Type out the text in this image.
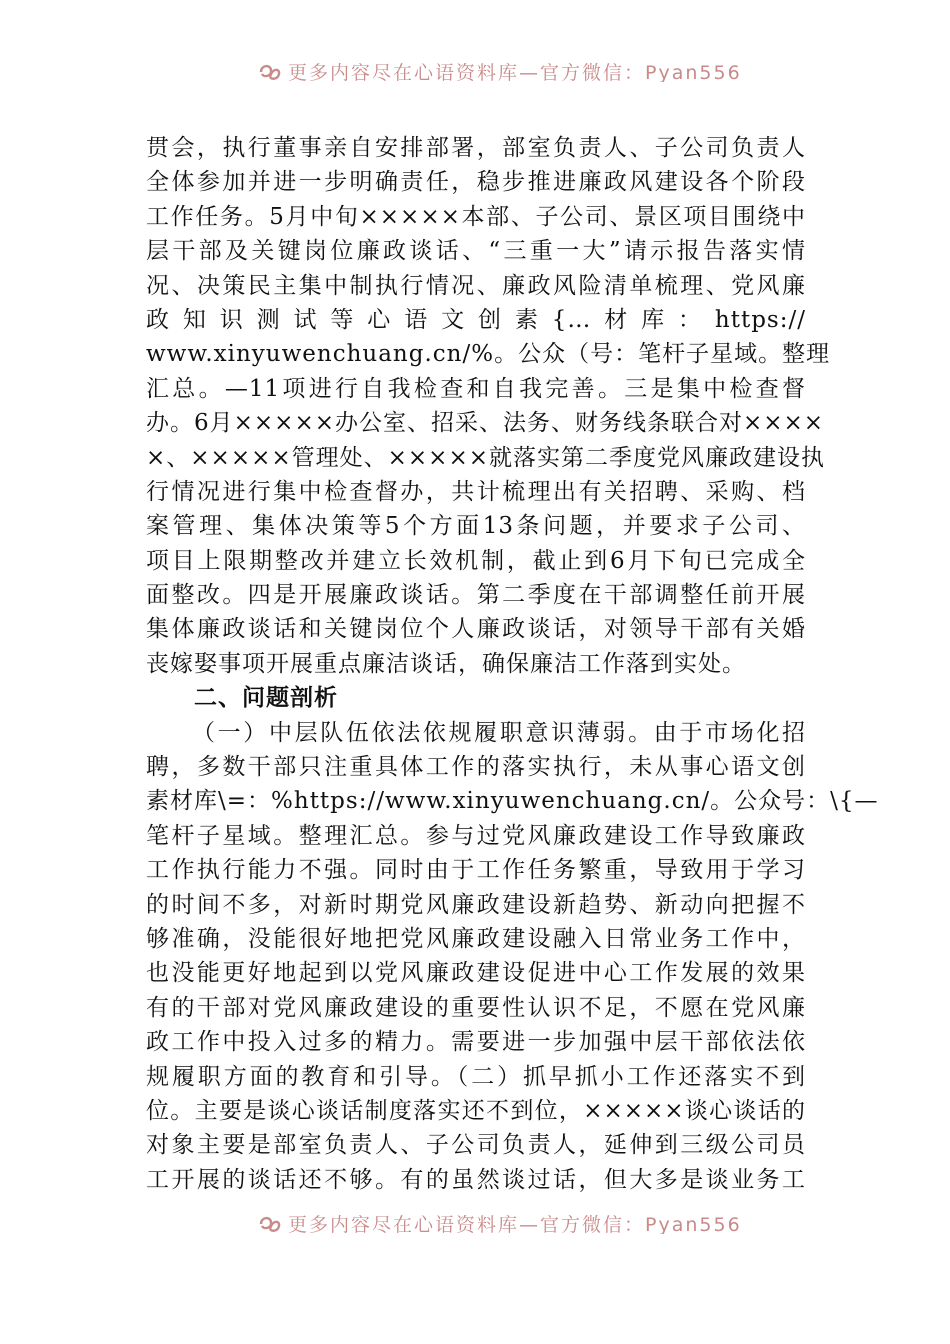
更多内容尽在心语资料库—官方微信：Pyan556
贯会，执行董事亲自安排部署，部室负责人、子公司负责人
全体参加并进一步明确责任，稳步推进廉政风建设各个阶段
工作任务。5月中旬×××××本部、子公司、景区项目围绕中
层干部及关键岗位廉政谈话、“三重一大”请示报告落实情
况、决策民主集中制执行情况、廉政风险清单梳理、党风廉
政知识测试等心语文创素{…材库：https://
www.xinyuwenchuang.cn/%。公众（号：笔杆子星域。整理
汇总。—11项进行自我检查和自我完善。三是集中检查督
办。6月×××××办公室、招采、法务、财务线条联合对××××
×、×××××管理处、×××××就落实第二季度党风廉政建设执
行情况进行集中检查督办，共计梳理出有关招聘、采购、档
案管理、集体决策等5个方面13条问题，并要求子公司、
项目上限期整改并建立长效机制，截止到6月下旬已完成全
面整改。四是开展廉政谈话。第二季度在干部调整任前开展
集体廉政谈话和关键岗位个人廉政谈话，对领导干部有关婚
丧嫁娶事项开展重点廉洁谈话，确保廉洁工作落到实处。
二、问题剖析
（一）中层队伍依法依规履职意识薄弱。由于市场化招
聘，多数干部只注重具体工作的落实执行，未从事心语文创
素材库\=：%https://www.xinyuwenchuang.cn/。公众号：\{—
笔杆子星域。整理汇总。参与过党风廉政建设工作导致廉政
工作执行能力不强。同时由于工作任务繁重，导致用于学习
的时间不多，对新时期党风廉政建设新趋势、新动向把握不
够准确，没能很好地把党风廉政建设融入日常业务工作中，
也没能更好地起到以党风廉政建设促进中心工作发展的效果
有的干部对党风廉政建设的重要性认识不足，不愿在党风廉
政工作中投入过多的精力。需要进一步加强中层干部依法依
规履职方面的教育和引导。（二）抓早抓小工作还落实不到
位。主要是谈心谈话制度落实还不到位，×××××谈心谈话的
对象主要是部室负责人、子公司负责人，延伸到三级公司员
工开展的谈话还不够。有的虽然谈过话，但大多是谈业务工
更多内容尽在心语资料库—官方微信：Pyan556
